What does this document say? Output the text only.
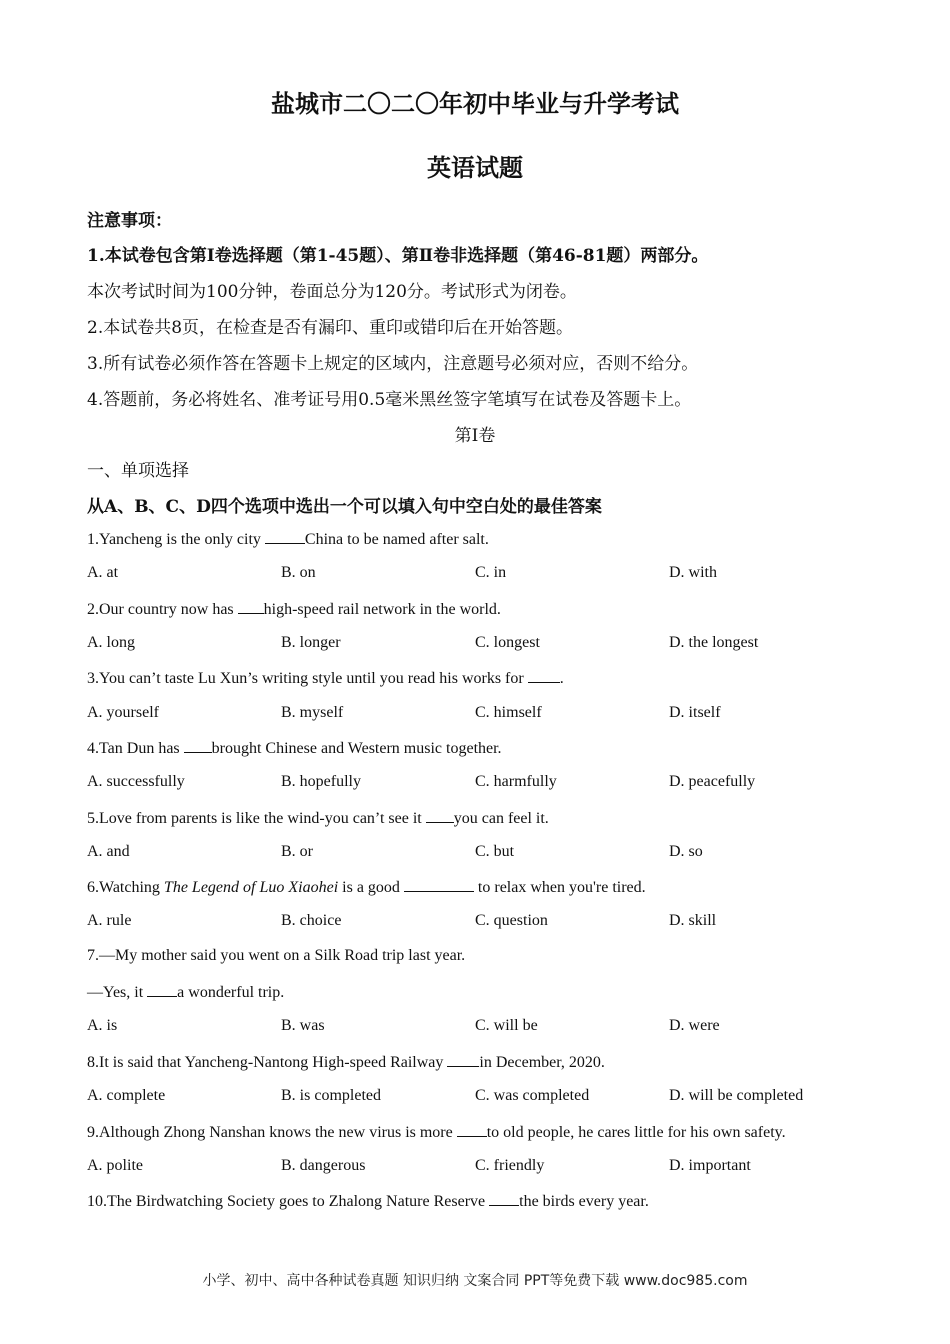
盐城市二〇二〇年初中毕业与升学考试
英语试题
注意事项：
1.本试卷包含第Ⅰ卷选择题（第1-45题）、第Ⅱ卷非选择题（第46-81题）两部分。
本次考试时间为100分钟，卷面总分为120分。考试形式为闭卷。
2.本试卷共8页，在检查是否有漏印、重印或错印后在开始答题。
3.所有试卷必须作答在答题卡上规定的区域内，注意题号必须对应，否则不给分。
4.答题前，务必将姓名、准考证号用0.5毫米黑丝签字笔填写在试卷及答题卡上。
第Ⅰ卷
一、单项选择
从A、B、C、D四个选项中选出一个可以填入句中空白处的最佳答案
1.Yancheng is the only city	China to be named after salt.
A. at	B. on	C. in	D. with
2.Our country now has high-speed rail network in the world.
A. long	B. longer	C. longest	D. the longest
3.You can’t taste Lu Xun’s writing style until you read his works for .
A. yourself	B. myself	C. himself	D. itself
4.Tan Dun has brought Chinese and Western music together.
A. successfully	B. hopefully	C. harmfully	D. peacefully
5.Love from parents is like the wind-you can’t see it you can feel it.
A. and	B. or	C. but	D. so
6.Watching The Legend of Luo Xiaohei is a good	to relax when you're tired.
A. rule	B. choice	C. question	D. skill
7.—My mother said you went on a Silk Road trip last year.
—Yes, it a wonderful trip.
A. is	B. was	C. will be	D. were
8.It is said that Yancheng-Nantong High-speed Railway in December, 2020.
A. complete	B. is completed	C. was completed	D. will be completed
9.Although Zhong Nanshan knows the new virus is more to old people, he cares little for his own safety.
A. polite	B. dangerous	C. friendly	D. important
10.The Birdwatching Society goes to Zhalong Nature Reserve the birds every year.
小学、初中、高中各种试卷真题 知识归纳 文案合同 PPT等免费下载 www.doc985.com
